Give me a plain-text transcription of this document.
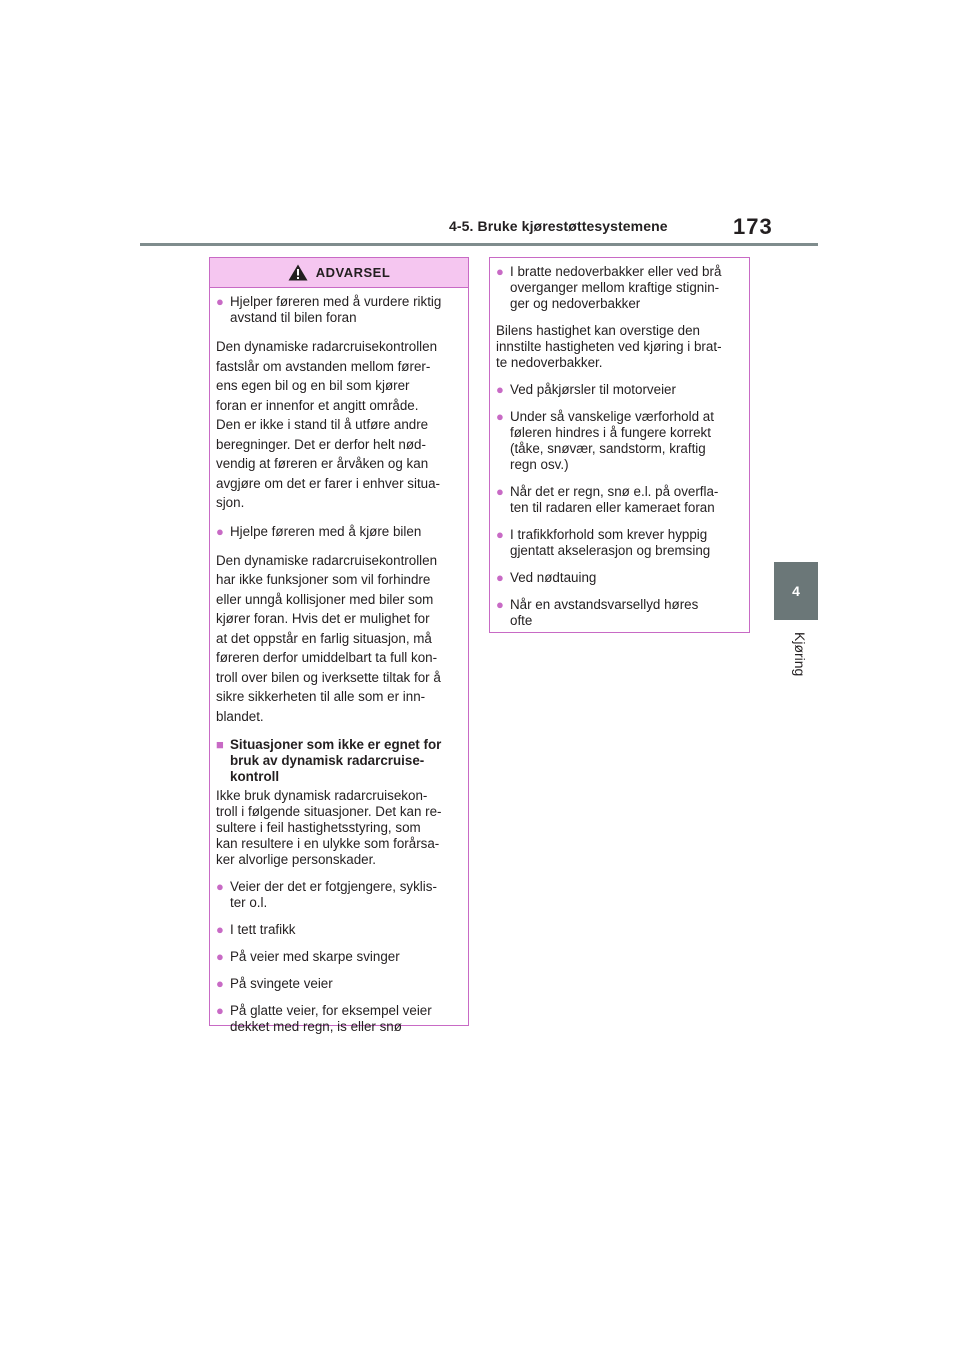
4-5. Bruke kjørestøttesystemene	173
4
Kjøring
ADVARSEL
● Hjelper føreren med å vurdere riktig
avstand til bilen foran
Den dynamiske radarcruisekontrollen
fastslår om avstanden mellom fører-
ens egen bil og en bil som kjører
foran er innenfor et angitt område.
Den er ikke i stand til å utføre andre
beregninger. Det er derfor helt nød-
vendig at føreren er årvåken og kan
avgjøre om det er farer i enhver situa-
sjon.
● Hjelpe føreren med å kjøre bilen
Den dynamiske radarcruisekontrollen
har ikke funksjoner som vil forhindre
eller unngå kollisjoner med biler som
kjører foran. Hvis det er mulighet for
at det oppstår en farlig situasjon, må
føreren derfor umiddelbart ta full kon-
troll over bilen og iverksette tiltak for å
sikre sikkerheten til alle som er inn-
blandet.
■ Situasjoner som ikke er egnet for
bruk av dynamisk radarcruise-
kontroll
Ikke bruk dynamisk radarcruisekon-
troll i følgende situasjoner. Det kan re-
sultere i feil hastighetsstyring, som
kan resultere i en ulykke som forårsa-
ker alvorlige personskader.
● Veier der det er fotgjengere, syklis-
ter o.l.
● I tett trafikk
● På veier med skarpe svinger
● På svingete veier
● På glatte veier, for eksempel veier
dekket med regn, is eller snø
● I bratte nedoverbakker eller ved brå
overganger mellom kraftige stignin-
ger og nedoverbakker
Bilens hastighet kan overstige den
innstilte hastigheten ved kjøring i brat-
te nedoverbakker.
● Ved påkjørsler til motorveier
● Under så vanskelige værforhold at
føleren hindres i å fungere korrekt
(tåke, snøvær, sandstorm, kraftig
regn osv.)
● Når det er regn, snø e.l. på overfla-
ten til radaren eller kameraet foran
● I trafikkforhold som krever hyppig
gjentatt akselerasjon og bremsing
● Ved nødtauing
● Når en avstandsvarsellyd høres
ofte
